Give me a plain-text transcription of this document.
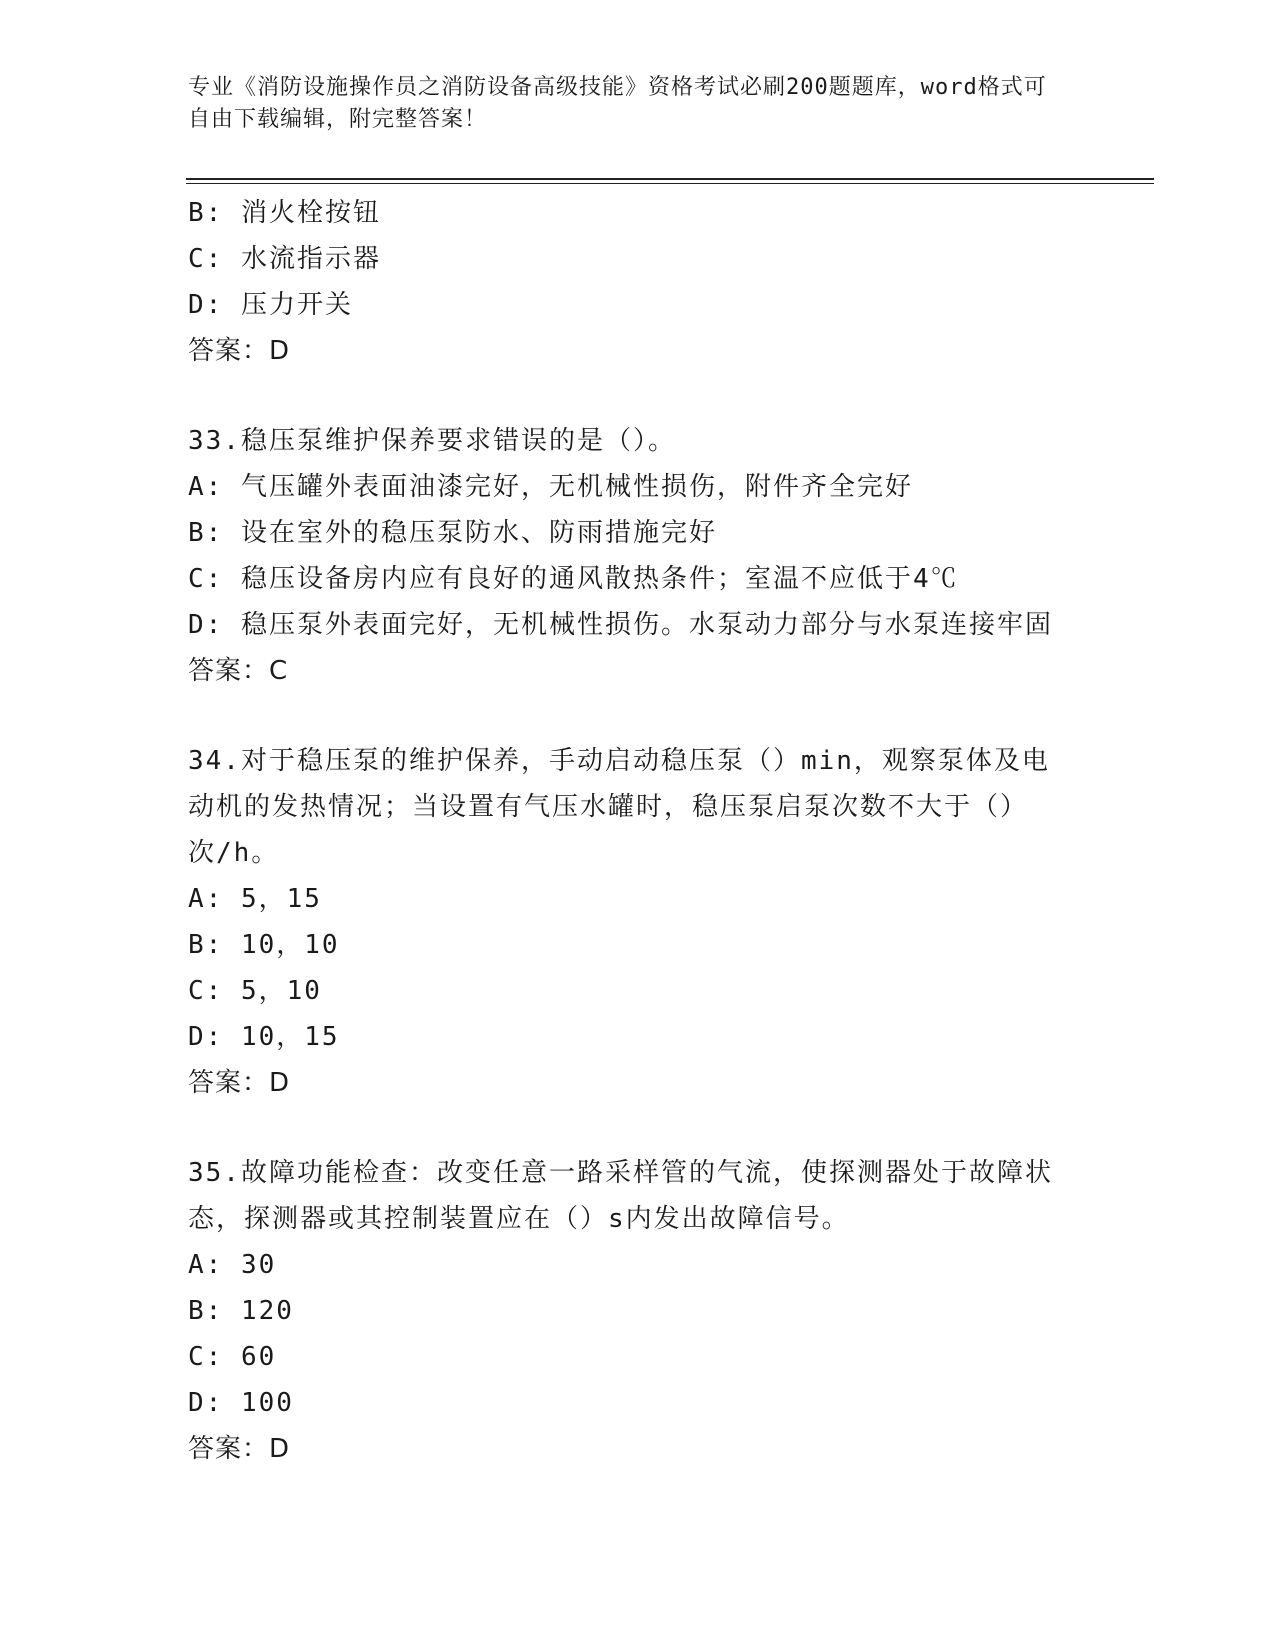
专业《消防设施操作员之消防设备高级技能》资格考试必刷200题题库，word格式可自由下载编辑，附完整答案！
B: 消火栓按钮
C: 水流指示器
D: 压力开关
答案：D
33.稳压泵维护保养要求错误的是（）。
A: 气压罐外表面油漆完好，无机械性损伤，附件齐全完好
B: 设在室外的稳压泵防水、防雨措施完好
C: 稳压设备房内应有良好的通风散热条件；室温不应低于4℃
D: 稳压泵外表面完好，无机械性损伤。水泵动力部分与水泵连接牢固
答案：C
34.对于稳压泵的维护保养，手动启动稳压泵（）min，观察泵体及电动机的发热情况；当设置有气压水罐时，稳压泵启泵次数不大于（）次/h。
A: 5，15
B: 10，10
C: 5，10
D: 10，15
答案：D
35.故障功能检查：改变任意一路采样管的气流，使探测器处于故障状态，探测器或其控制装置应在（）s内发出故障信号。
A: 30
B: 120
C: 60
D: 100
答案：D
